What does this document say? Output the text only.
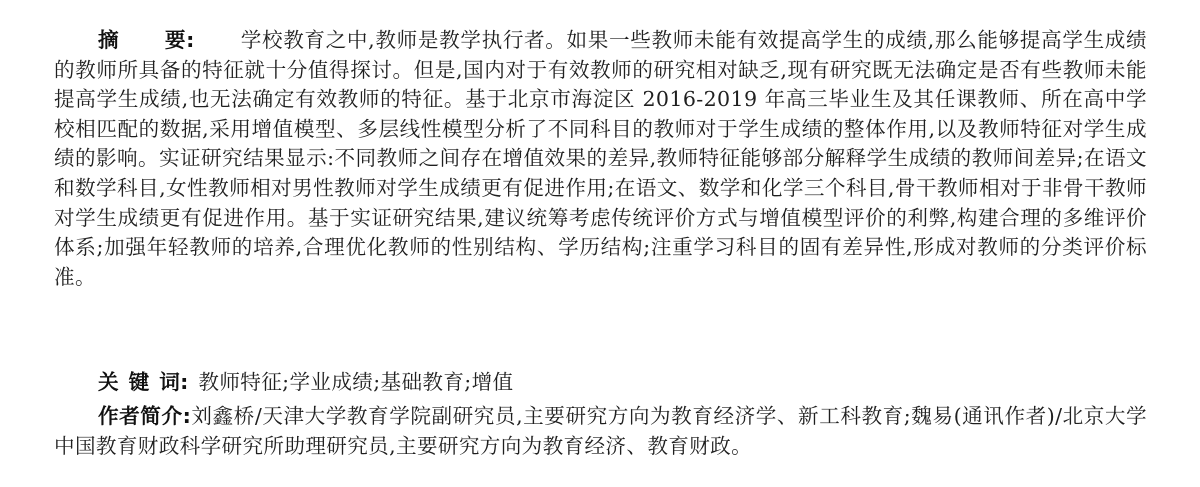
摘要:学校教育之中,教师是教学执行者。如果一些教师未能有效提高学生的成绩,那么能够提高学生成绩的教师所具备的特征就十分值得探讨。但是,国内对于有效教师的研究相对缺乏,现有研究既无法确定是否有些教师未能提高学生成绩,也无法确定有效教师的特征。基于北京市海淀区 2016-2019 年高三毕业生及其任课教师、所在高中学校相匹配的数据,采用增值模型、多层线性模型分析了不同科目的教师对于学生成绩的整体作用,以及教师特征对学生成绩的影响。实证研究结果显示:不同教师之间存在增值效果的差异,教师特征能够部分解释学生成绩的教师间差异;在语文和数学科目,女性教师相对男性教师对学生成绩更有促进作用;在语文、数学和化学三个科目,骨干教师相对于非骨干教师对学生成绩更有促进作用。基于实证研究结果,建议统筹考虑传统评价方式与增值模型评价的利弊,构建合理的多维评价体系;加强年轻教师的培养,合理优化教师的性别结构、学历结构;注重学习科目的固有差异性,形成对教师的分类评价标准。

关键词:教师特征;学业成绩;基础教育;增值

作者简介:刘鑫桥/天津大学教育学院副研究员,主要研究方向为教育经济学、新工科教育;魏易(通讯作者)/北京大学中国教育财政科学研究所助理研究员,主要研究方向为教育经济、教育财政。
